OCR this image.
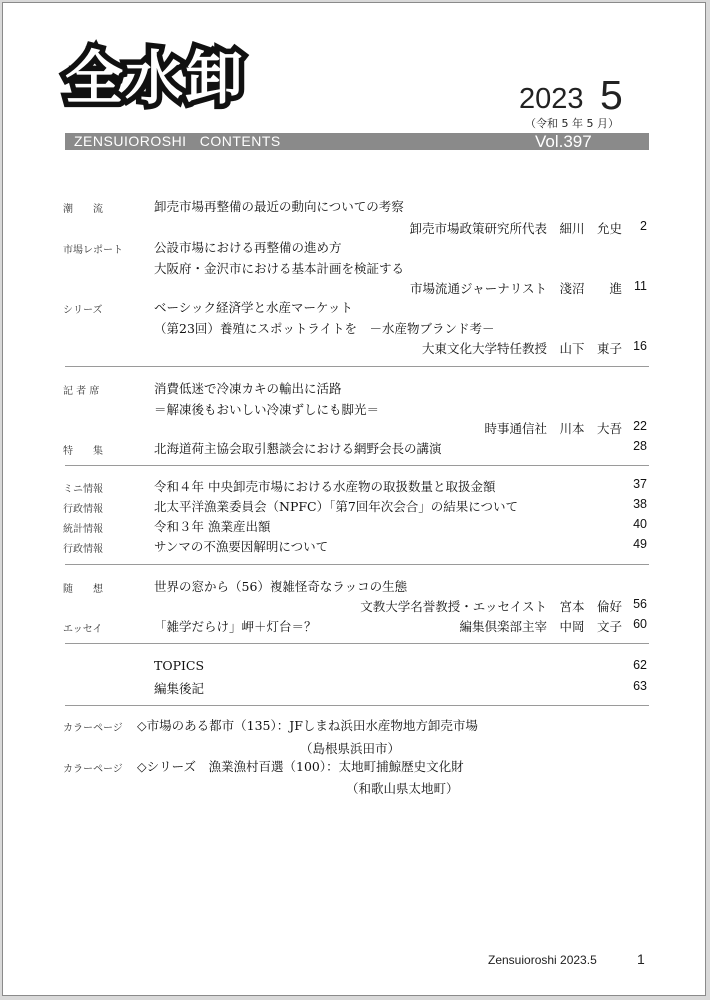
全水卸	2023 5
（令和 5 年 5 月）
ZENSUIOROSHI   CONTENTS	Vol.397
潮　　流	卸売市場再整備の最近の動向についての考察
卸売市場政策研究所代表　細川　允史 2
市場レポート 公設市場における再整備の進め方
大阪府・金沢市における基本計画を検証する
市場流通ジャーナリスト　淺沼　　進 11
シリーズ	ベーシック経済学と水産マーケット
（第23回）養殖にスポットライトを　－水産物ブランド考－
大東文化大学特任教授　山下　東子 16
記 者 席	消費低迷で冷凍カキの輸出に活路
＝解凍後もおいしい冷凍ずしにも脚光＝
時事通信社　川本　大吾 22
特　　集	北海道荷主協会取引懇談会における網野会長の講演	28
ミニ情報	令和４年 中央卸売市場における水産物の取扱数量と取扱金額	37
行政情報	北太平洋漁業委員会（NPFC）「第7回年次会合」の結果について	38
統計情報	令和３年 漁業産出額	40
行政情報	サンマの不漁要因解明について	49
随　　想	世界の窓から（56）複雑怪奇なラッコの生態
文教大学名誉教授・エッセイスト　宮本　倫好 56
エッセイ	「雑学だらけ」岬＋灯台＝？	編集倶楽部主宰　中岡　文子 60
TOPICS	62
編集後記	63
カラーページ ◇市場のある都市（135）：JFしまね浜田水産物地方卸売市場
（島根県浜田市）
カラーページ ◇シリーズ　漁業漁村百選（100）：太地町捕鯨歴史文化財
（和歌山県太地町）
Zensuioroshi 2023.5	1
